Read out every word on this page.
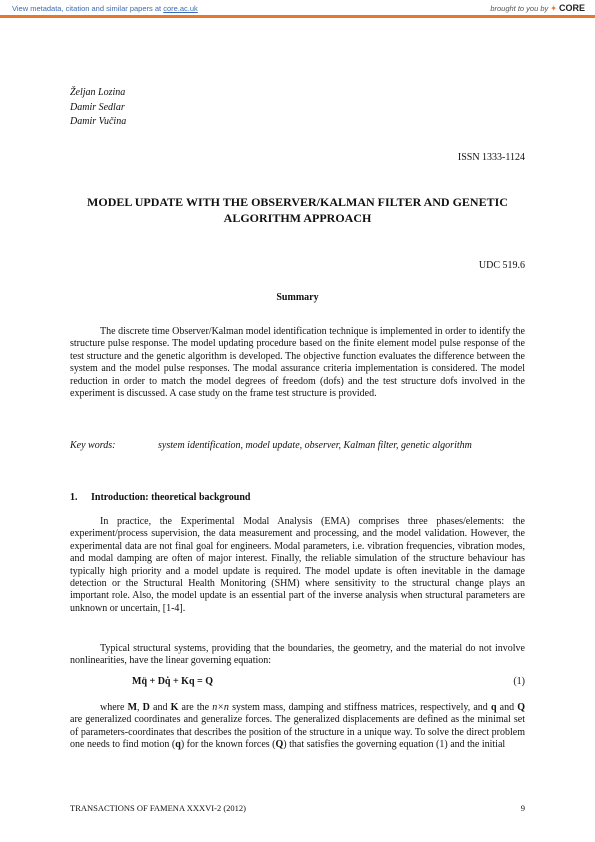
View metadata, citation and similar papers at core.ac.uk	brought to you by ✦ CORE
Željan Lozina
Damir Sedlar
Damir Vučina
ISSN 1333-1124
MODEL UPDATE WITH THE OBSERVER/KALMAN FILTER AND GENETIC ALGORITHM APPROACH
UDC 519.6
Summary

The discrete time Observer/Kalman model identification technique is implemented in order to identify the structure pulse response. The model updating procedure based on the finite element model pulse response of the test structure and the genetic algorithm is developed. The objective function evaluates the difference between the system and the model pulse responses. The modal assurance criteria implementation is considered. The model reduction in order to match the model degrees of freedom (dofs) and the test structure dofs involved in the experiment is discussed. A case study on the frame test structure is provided.

Key words:	system identification, model update, observer, Kalman filter, genetic algorithm
1. Introduction: theoretical background

In practice, the Experimental Modal Analysis (EMA) comprises three phases/elements: the experiment/process supervision, the data measurement and processing, and the model validation. However, the experimental data are not final goal for engineers. Modal parameters, i.e. vibration frequencies, vibration modes, and modal damping are often of major interest. Finally, the reliable simulation of the structure behaviour has typically high priority and a model update is required. The model update is often inevitable in the damage detection or the Structural Health Monitoring (SHM) where sensitivity to the structural change plays an important role. Also, the model update is an essential part of the inverse analysis when structural parameters are unknown or uncertain, [1-4].

Typical structural systems, providing that the boundaries, the geometry, and the material do not involve nonlinearities, have the linear governing equation:

Mq̈ + Dq̇ + Kq = Q	(1)

where M, D and K are the n×n system mass, damping and stiffness matrices, respectively, and q and Q are generalized coordinates and generalize forces. The generalized displacements are defined as the minimal set of parameters-coordinates that describes the position of the structure in a unique way. To solve the direct problem one needs to find motion (q) for the known forces (Q) that satisfies the governing equation (1) and the initial

TRANSACTIONS OF FAMENA XXXVI-2 (2012)	9
